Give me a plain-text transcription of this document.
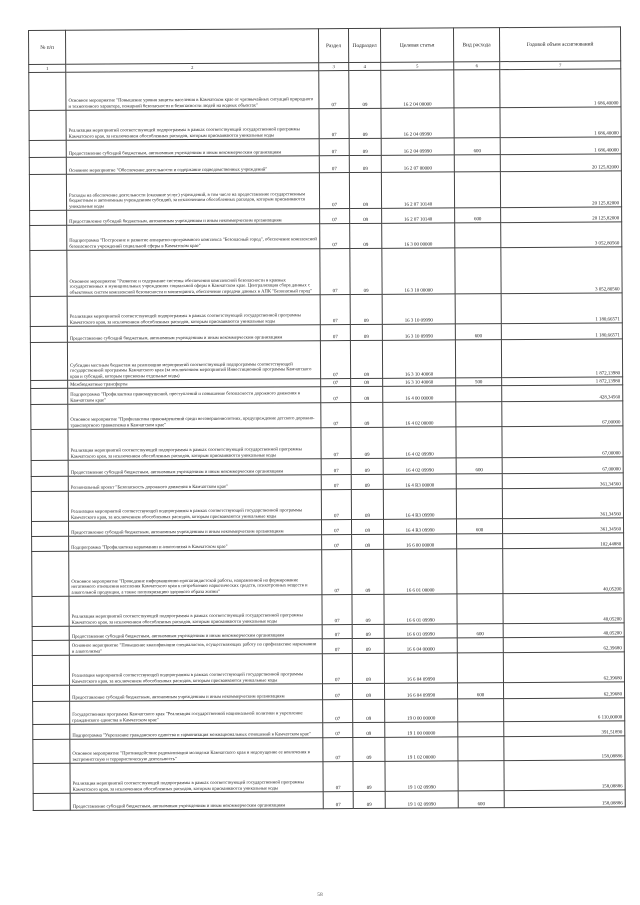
№ п/п		Раздел	Подраздел	Целевая статья	Вид расхода	Годовой объем ассигнований
1	2	3	4	5	6	7
	Основное мероприятие "Повышение уровня защиты населения в Камчатском крае от чрезвычайных ситуаций природного и техногенного характера, пожарной безопасности и безопасности людей на водных объектах"	07	09	16 2 04 00000		1 686,40000
	Реализация мероприятий соответствующей подпрограммы в рамках соответствующей государственной программы Камчатского края, за исключением обособленных расходов, которым присваиваются уникальные коды	07	09	16 2 04 09990		1 686,40000
	Предоставление субсидий бюджетным, автономным учреждениям и иным некоммерческим организациям	07	09	16 2 04 09990	600	1 686,40000
	Основное мероприятие "Обеспечение деятельности и содержание подведомственных учреждений"	07	09	16 2 07 00000		20 125,82000
	Расходы на обеспечение деятельности (оказание услуг) учреждений, в том числе на предоставление государственным бюджетным и автономным учреждениям субсидий, за исключением обособленных расходов, которым присваиваются уникальные коды	07	09	16 2 07 10140		20 125,82000
	Предоставление субсидий бюджетным, автономным учреждениям и иным некоммерческим организациям	07	09	16 2 07 10140	600	20 125,82000
	Подпрограмма "Построение и развитие аппаратно-программного комплекса "Безопасный город", обеспечение комплексной безопасности учреждений социальной сферы в Камчатском крае"	07	09	16 3 00 00000		3 052,80560
	Основное мероприятие "Развитие и содержание системы обеспечения комплексной безопасности в краевых государственных и муниципальных учреждениях социальной сферы в Камчатском крае. Централизация сбора данных с объектовых систем комплексной безопасности и мониторинга, обеспечение передачи данных в АПК "Безопасный город"	07	09	16 3 10 00000		3 052,80560
	Реализация мероприятий соответствующей подпрограммы в рамках соответствующей государственной программы Камчатского края, за исключением обособленных расходов, которым присваиваются уникальные коды	07	09	16 3 10 09990		1 180,66571
	Предоставление субсидий бюджетным, автономным учреждениям и иным некоммерческим организациям	07	09	16 3 10 09990	600	1 180,66571
	Субсидии местным бюджетам на реализацию мероприятий соответствующей подпрограммы соответствующей государственной программы Камчатского края (за исключением мероприятий Инвестиционной программы Камчатского края и субсидий, которым присвоены отдельные коды)	07	09	16 3 10 40060		1 872,13980
	Межбюджетные трансферты	07	09	16 3 10 40060	500	1 872,13980
	Подпрограмма "Профилактика правонарушений, преступлений и повышение безопасности дорожного движения в Камчатском крае"	07	09	16 4 00 00000		428,34560
	Основное мероприятие "Профилактика правонарушений среди несовершеннолетних, предупреждение детского дорожно-транспортного травматизма в Камчатском крае"	07	09	16 4 02 00000		67,00000
	Реализация мероприятий соответствующей подпрограммы в рамках соответствующей государственной программы Камчатского края, за исключением обособленных расходов, которым присваиваются уникальные коды	07	09	16 4 02 09990		67,00000
	Предоставление субсидий бюджетным, автономным учреждениям и иным некоммерческим организациям	07	09	16 4 02 09990	600	67,00000
	Региональный проект "Безопасность дорожного движения в Камчатском крае"	07	09	16 4 R3 00000		361,34560
	Реализация мероприятий соответствующей подпрограммы в рамках соответствующей государственной программы Камчатского края, за исключением обособленных расходов, которым присваиваются уникальные коды	07	09	16 4 R3 09990		361,34560
	Предоставление субсидий бюджетным, автономным учреждениям и иным некоммерческим организациям	07	09	16 4 R3 09990	600	361,34560
	Подпрограмма "Профилактика наркомании и алкоголизма в Камчатском крае"	07	09	16 6 00 00000		102,44880
	Основное мероприятие "Проведение информационно-пропагандистской работы, направленной на формирование негативного отношения населения Камчатского края к потреблению наркотических средств, психотропных веществ и алкогольной продукции, а также популяризацию здорового образа жизни"	07	09	16 6 01 00000		40,05200
	Реализация мероприятий соответствующей подпрограммы в рамках соответствующей государственной программы Камчатского края, за исключением обособленных расходов, которым присваиваются уникальные коды	07	09	16 6 01 09990		40,05200
	Предоставление субсидий бюджетным, автономным учреждениям и иным некоммерческим организациям	07	09	16 6 01 09990	600	40,05200
	Основное мероприятие "Повышение квалификации специалистов, осуществляющих работу по профилактике наркомании и алкоголизма"	07	09	16 6 04 00000		62,39680
	Реализация мероприятий соответствующей подпрограммы в рамках соответствующей государственной программы Камчатского края, за исключением обособленных расходов, которым присваиваются уникальные коды	07	09	16 6 04 09990		62,39680
	Предоставление субсидий бюджетным, автономным учреждениям и иным некоммерческим организациям	07	09	16 6 04 09990	600	62,39680
	Государственная программа Камчатского края "Реализация государственной национальной политики и укрепление гражданского единства в Камчатском крае"	07	09	19 0 00 00000		6 110,00000
	Подпрограмма "Укрепление гражданского единства и гармонизация межнациональных отношений в Камчатском крае"	07	09	19 1 00 00000		391,51890
	Основное мероприятие "Противодействие радикализации молодежи Камчатского края и недопущение ее вовлечения в экстремистскую и террористическую деятельность"	07	09	19 1 02 00000		158,08886
	Реализация мероприятий соответствующей подпрограммы в рамках соответствующей государственной программы Камчатского края, за исключением обособленных расходов, которым присваиваются уникальные коды	07	09	19 1 02 09990		158,08886
	Предоставление субсидий бюджетным, автономным учреждениям и иным некоммерческим организациям	07	09	19 1 02 09990	600	158,08886
58
